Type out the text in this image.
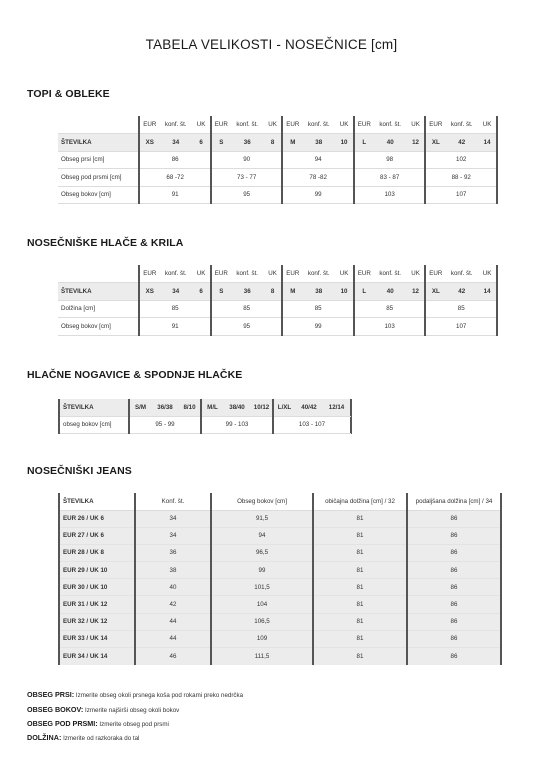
TABELA VELIKOSTI - NOSEČNICE [cm]
TOPI & OBLEKE
	EUR	konf. št.	UK	EUR	konf. št.	UK	EUR	konf. št.	UK	EUR	konf. št.	UK	EUR	konf. št.	UK
ŠTEVILKA	XS	34	6	S	36	8	M	38	10	L	40	12	XL	42	14
Obseg prsi [cm]	86			90			94			98			102		
Obseg pod prsmi [cm]	68 -72			73 - 77			78 -82			83 - 87			88 - 92		
Obseg bokov [cm]	91			95			99			103			107		
NOSEČNIŠKE HLAČE & KRILA
	EUR	konf. št.	UK	EUR	konf. št.	UK	EUR	konf. št.	UK	EUR	konf. št.	UK	EUR	konf. št.	UK
ŠTEVILKA	XS	34	6	S	36	8	M	38	10	L	40	12	XL	42	14
Dolžina [cm]	85			85			85			85			85		
Obseg bokov [cm]	91			95			99			103			107		
HLAČNE NOGAVICE & SPODNJE HLAČKE
ŠTEVILKA	S/M	36/38	8/10	M/L	38/40	10/12	L/XL	40/42	12/14
obseg bokov [cm]	95 - 99			99 - 103			103 - 107		
NOSEČNIŠKI JEANS
ŠTEVILKA	Konf. št.	Obseg bokov [cm]	običajna dolžina [cm] / 32	podaljšana dolžina [cm] / 34
EUR 26 / UK 6	34	91,5	81	86
EUR 27 / UK 6	34	94	81	86
EUR 28 / UK 8	36	96,5	81	86
EUR 29 / UK 10	38	99	81	86
EUR 30 / UK 10	40	101,5	81	86
EUR 31 / UK 12	42	104	81	86
EUR 32 / UK 12	44	106,5	81	86
EUR 33 / UK 14	44	109	81	86
EUR 34 / UK 14	46	111,5	81	86
OBSEG PRSI: Izmerite obseg okoli prsnega koša pod rokami preko nedrčka
OBSEG BOKOV: Izmerite najširši obseg okoli bokov
OBSEG POD PRSMI: Izmerite obseg pod prsmi
DOLŽINA: Izmerite od razkoraka do tal
